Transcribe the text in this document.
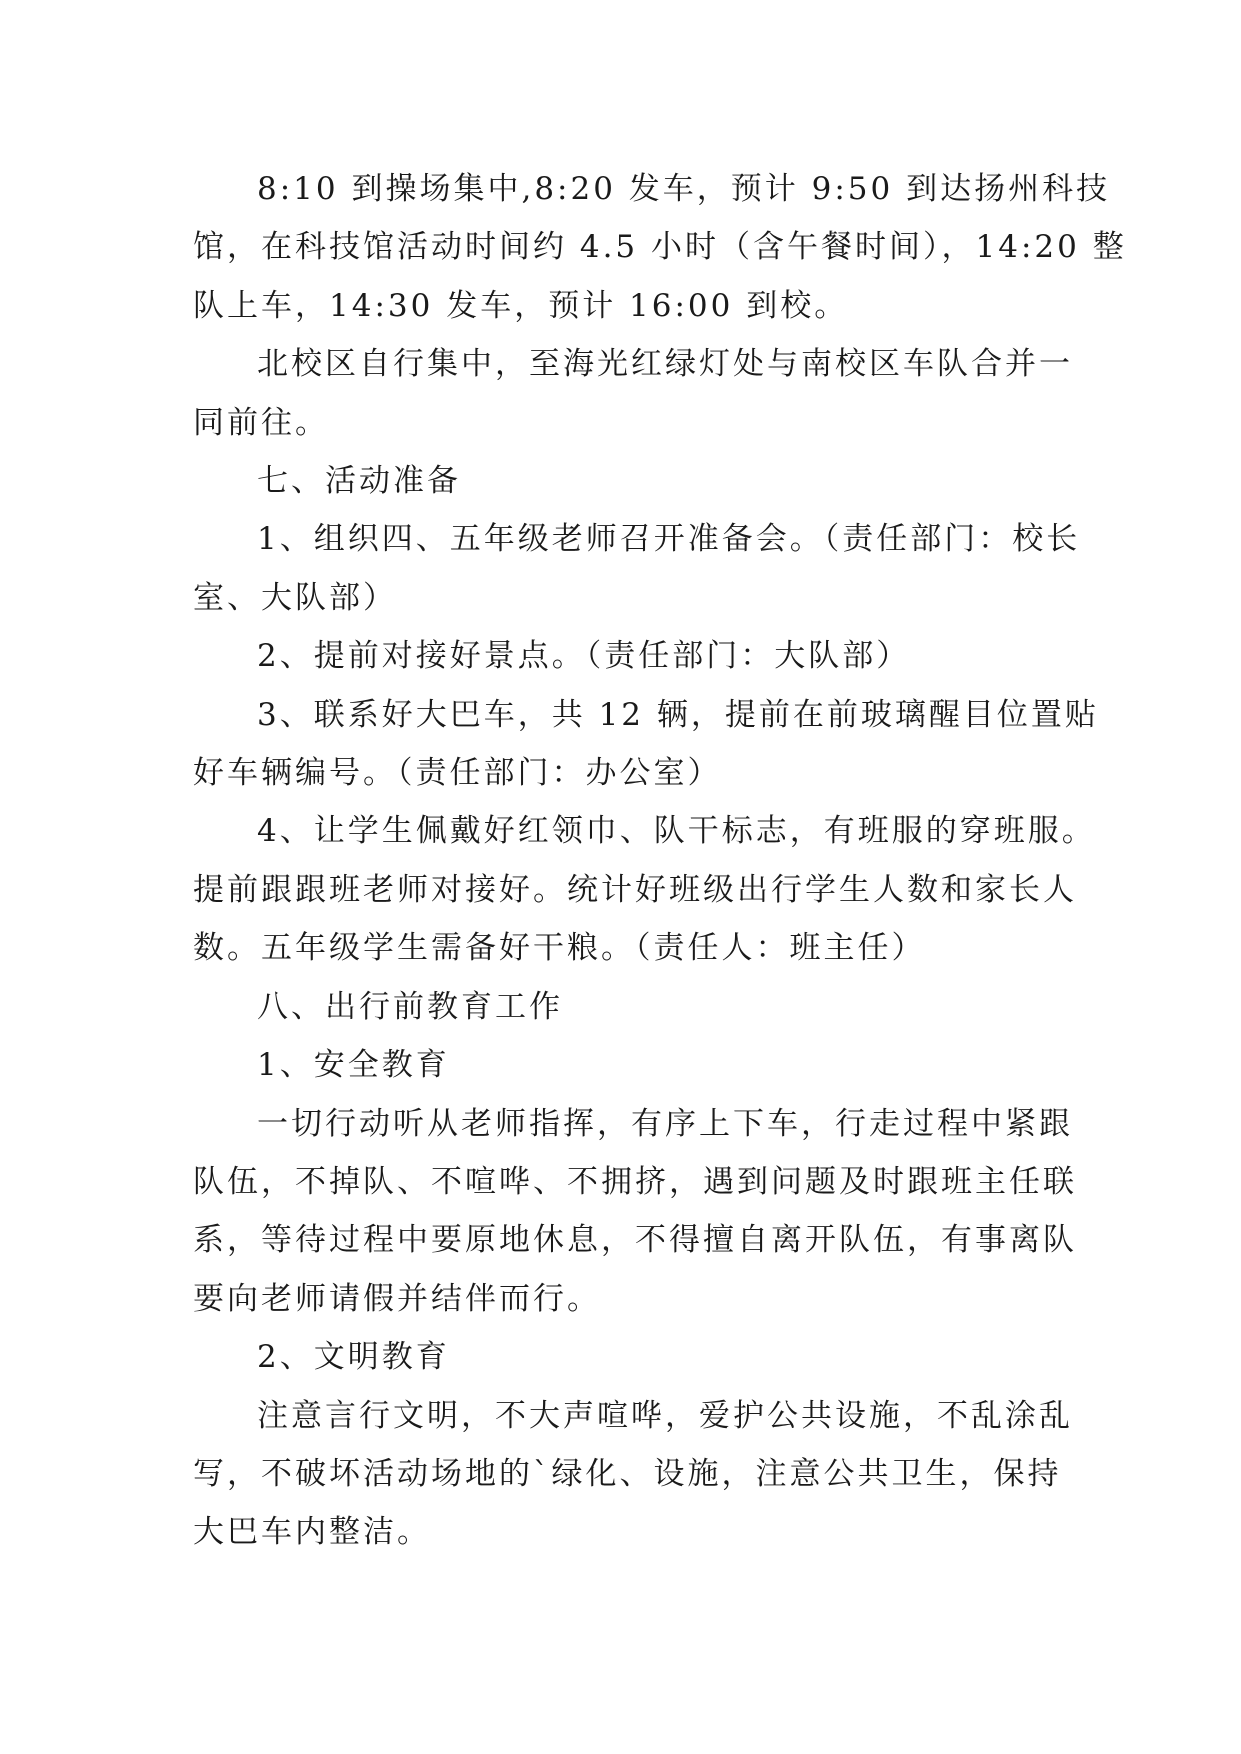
8:10 到操场集中,8:20 发车，预计 9:50 到达扬州科技
馆，在科技馆活动时间约 4.5 小时（含午餐时间），14:20 整
队上车，14:30 发车，预计 16:00 到校。
北校区自行集中，至海光红绿灯处与南校区车队合并一
同前往。
七、活动准备
1、组织四、五年级老师召开准备会。（责任部门：校长
室、大队部）
2、提前对接好景点。（责任部门：大队部）
3、联系好大巴车，共 12 辆，提前在前玻璃醒目位置贴
好车辆编号。（责任部门：办公室）
4、让学生佩戴好红领巾、队干标志，有班服的穿班服。
提前跟跟班老师对接好。统计好班级出行学生人数和家长人
数。五年级学生需备好干粮。（责任人：班主任）
八、出行前教育工作
1、安全教育
一切行动听从老师指挥，有序上下车，行走过程中紧跟
队伍，不掉队、不喧哗、不拥挤，遇到问题及时跟班主任联
系，等待过程中要原地休息，不得擅自离开队伍，有事离队
要向老师请假并结伴而行。
2、文明教育
注意言行文明，不大声喧哗，爱护公共设施，不乱涂乱
写，不破坏活动场地的`绿化、设施，注意公共卫生，保持
大巴车内整洁。
